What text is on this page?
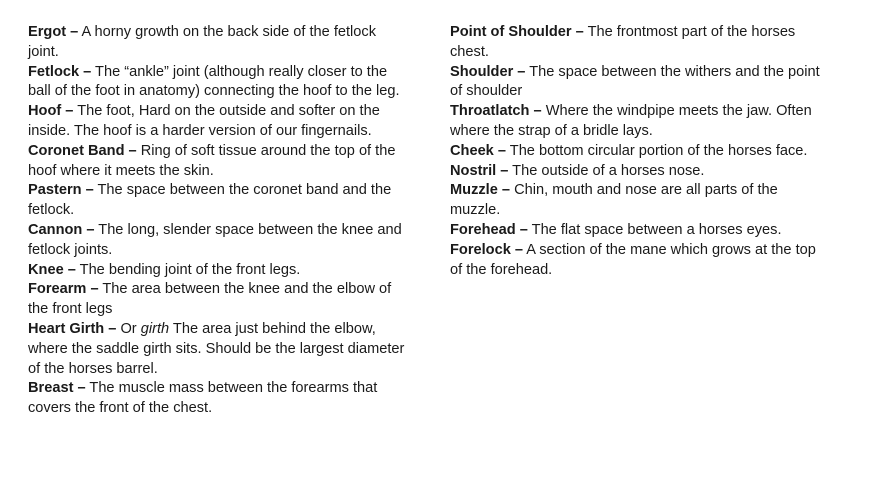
Ergot – A horny growth on the back side of the fetlock joint.

Fetlock – The “ankle” joint (although really closer to the ball of the foot in anatomy) connecting the hoof to the leg.

Hoof – The foot, Hard on the outside and softer on the inside. The hoof is a harder version of our fingernails.

Coronet Band – Ring of soft tissue around the top of the hoof where it meets the skin.

Pastern – The space between the coronet band and the fetlock.

Cannon – The long, slender space between the knee and fetlock joints.

Knee – The bending joint of the front legs.

Forearm – The area between the knee and the elbow of the front legs

Heart Girth – Or girth The area just behind the elbow, where the saddle girth sits. Should be the largest diameter of the horses barrel.

Breast – The muscle mass between the forearms that covers the front of the chest.

Point of Shoulder – The frontmost part of the horses chest.

Shoulder – The space between the withers and the point of shoulder

Throatlatch – Where the windpipe meets the jaw. Often where the strap of a bridle lays.

Cheek – The bottom circular portion of the horses face.

Nostril – The outside of a horses nose.

Muzzle – Chin, mouth and nose are all parts of the muzzle.

Forehead – The flat space between a horses eyes.

Forelock – A section of the mane which grows at the top of the forehead.
